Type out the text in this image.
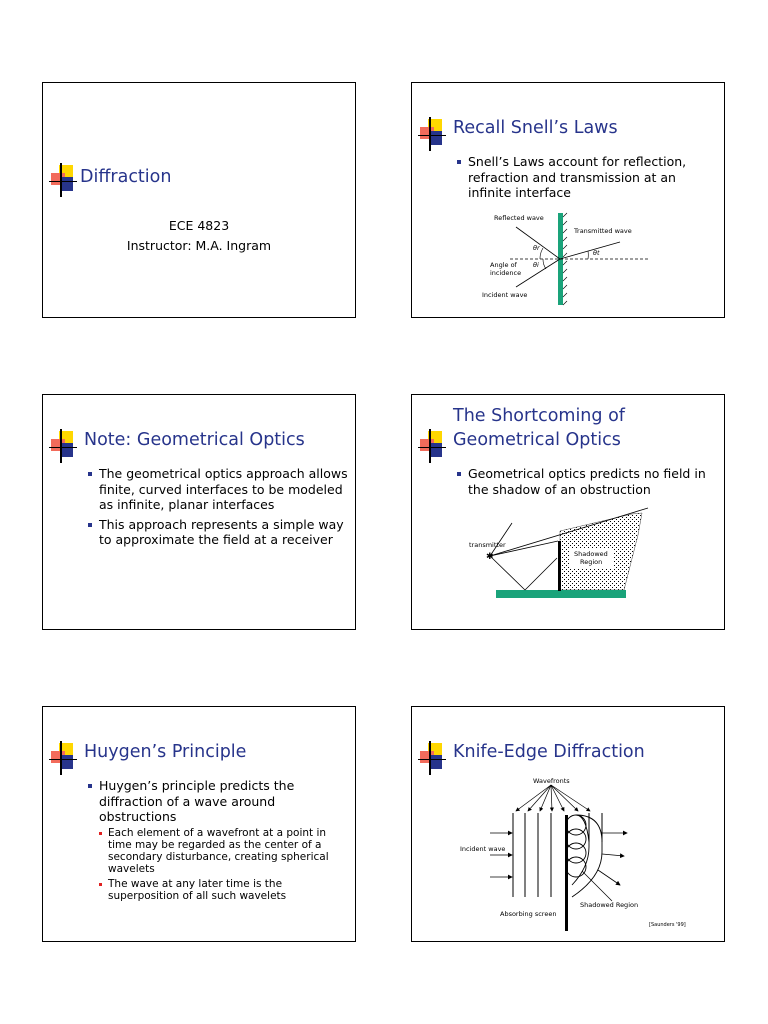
Diffraction
ECE 4823
Instructor: M.A. Ingram
Recall Snell’s Laws
Snell’s Laws account for reflection, refraction and transmission at an infinite interface
Reflected wave
Transmitted wave
Angle of
incidence
Incident wave
θr
θi
θt
Note: Geometrical Optics
The geometrical optics approach allows finite, curved interfaces to be modeled as infinite, planar interfaces
This approach represents a simple way to approximate the field at a receiver
The Shortcoming of
Geometrical Optics
Geometrical optics predicts no field in the shadow of an obstruction
✱	Shadowed
Region
transmitter
Huygen’s Principle
Huygen’s principle predicts the diffraction of a wave around obstructions
Each element of a wavefront at a point in time may be regarded as the center of a secondary disturbance, creating spherical wavelets
The wave at any later time is the superposition of all such wavelets
Knife-Edge Diffraction
Wavefronts
Incident wave
Absorbing screen
Shadowed Region
[Saunders '99]
